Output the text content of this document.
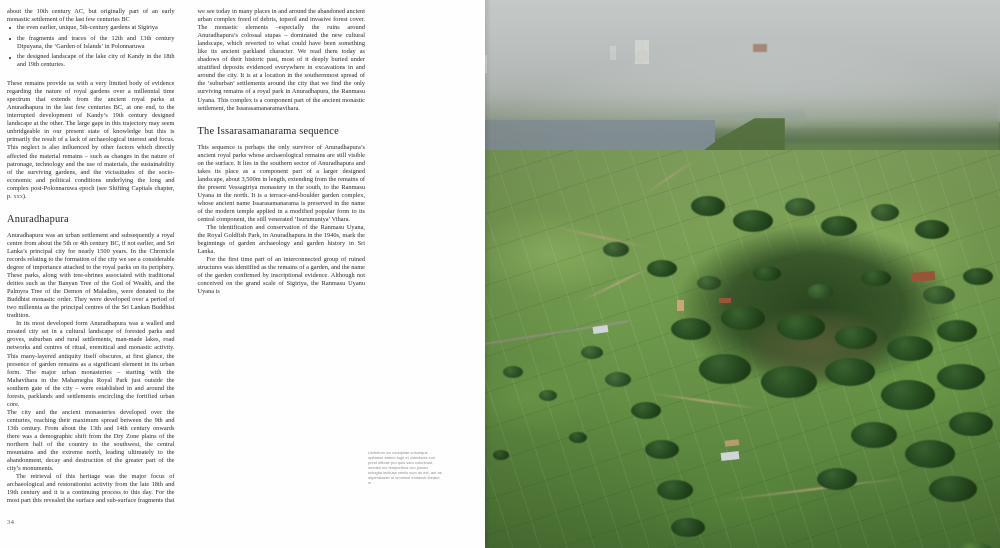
about the 10th century AC, but originally part of an early monastic settlement of the last few centuries BC

the even earlier, unique, 5th-century gardens at Sigiriya
the fragments and traces of the 12th and 13th century Dipuyana, the ‘Garden of Islands’ in Polonnaruwa
the designed landscape of the lake city of Kandy in the 18th and 19th centuries.

These remains provide us with a very limited body of evidence regarding the nature of royal gardens over a millennial time spectrum that extends from the ancient royal parks at Anuradhapura in the last few centuries BC, at one end, to the interrupted development of Kandy’s 19th century designed landscape at the other. The large gaps in this trajectory may seem unbridgeable in our present state of knowledge but this is primarily the result of a lack of archaeological interest and focus. This neglect is also influenced by other factors which directly affected the material remains – such as changes in the nature of patronage, technology and the use of materials, the sustainability of the surviving gardens, and the vicissitudes of the socio-economic and political conditions underlying the long and complex post-Polonnaruwa epoch (see Shifting Capitals chapter, p. xxx).

Anuradhapura

Anuradhapura was an urban settlement and subsequently a royal centre from about the 5th or 4th century BC, if not earlier, and Sri Lanka’s principal city for nearly 1500 years. In the Chronicle records relating to the formation of the city we see a considerable degree of importance attached to the royal parks on its periphery. These parks, along with tree-shrines associated with traditional deities such as the Banyan Tree of the God of Wealth, and the Palmyra Tree of the Demon of Maladies, were donated to the Buddhist monastic order. They were developed over a period of two millennia as the principal centres of the Sri Lankan Buddhist tradition.

In its most developed form Anuradhapura was a walled and moated city set in a cultural landscape of forested parks and groves, suburban and rural settlements, man-made lakes, road networks and centres of ritual, eremitical and monastic activity. This many-layered antiquity itself obscures, at first glance, the presence of garden remains as a significant element in its urban form. The major urban monasteries – starting with the Mahavihara in the Mahamegha Royal Park just outside the southern gate of the city – were established in and around the forests, parklands and settlements encircling the fortified urban core.

The city and the ancient monasteries developed over the centuries, reaching their maximum spread between the 9th and 13th century. From about the 13th and 14th century onwards there was a demographic shift from the Dry Zone plains of the northern half of the country to the southwest, the central mountains and the extreme north, leading ultimately to the abandonment, decay and destruction of the greater part of the city’s monuments.

The retrieval of this heritage was the major focus of archaeological and restorationist activity from the late 18th and 19th century and it is a continuing process to this day. For the most part this revealed the surface and sub-surface fragments that we see today in many places in and around the abandoned ancient urban complex freed of debris, topsoil and invasive forest cover. The monastic elements –especially the ruins around Anuradhapura’s colossal stupas – dominated the new cultural landscape, which reverted to what could have been something like its ancient parkland character. We read them today as shadows of their historic past, most of it deeply buried under stratified deposits evidenced everywhere in excavations in and around the city. It is at a location in the southernmost spread of the ‘suburban’ settlements around the city that we find the only surviving remains of a royal park in Anuradhapura, the Ranmasu Uyana. This complex is a component part of the ancient monastic settlement, the Issarasamanaramavihara.

The Issarasamanarama sequence

This sequence is perhaps the only survivor of Anuradhapura’s ancient royal parks whose archaeological remains are still visible on the surface. It lies in the southern sector of Anuradhapura and takes its place as a component part of a larger designed landscape, about 3,500m in length, extending from the remains of the present Vessagiriya monastery in the south, to the Ranmasu Uyana in the north. It is a terrace-and-boulder garden complex, whose ancient name Issarasamanarama is preserved in the name of the modern temple applied in a modified popular form to its central component, the still venerated ‘Isurumuniya’ Vihara.

The identification and conservation of the Ranmasu Uyana, the Royal Goldfish Park, in Anuradhapura in the 1940s, mark the beginnings of garden archaeology and garden history in Sri Lanka.

For the first time part of an interconnected group of ruined structures was identified as the remains of a garden, and the name of the garden confirmed by inscriptional evidence. Although not conceived on the grand scale of Sigiriya, the Ranmasu Uyanu Uyana is

Uniistrum ius molupliae volumque opitatem eatem fugit et videniscia con prest officae pro quis sam voloribust, omnisti mo temporibus con jossex uctugita lectiusa veniis sum as est, aut as asperatassit ut omnimol endaecti ibeatur m
34
